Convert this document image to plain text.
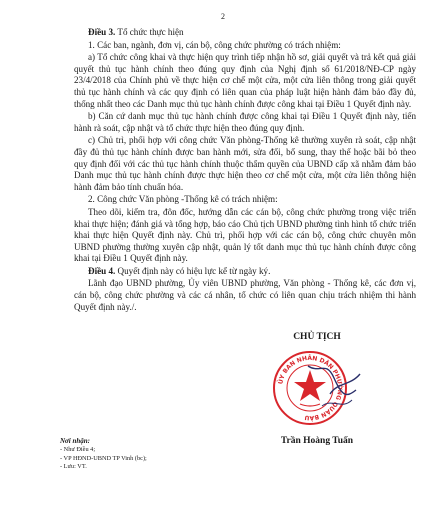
2

Điều 3. Tổ chức thực hiện

1. Các ban, ngành, đơn vị, cán bộ, công chức phường có trách nhiệm:

a) Tổ chức công khai và thực hiện quy trình tiếp nhận hồ sơ, giải quyết và trả kết quả giải quyết thủ tục hành chính theo đúng quy định của Nghị định số 61/2018/NĐ-CP ngày 23/4/2018 của Chính phủ về thực hiện cơ chế một cửa, một cửa liên thông trong giải quyết thủ tục hành chính và các quy định có liên quan của pháp luật hiện hành đảm bảo đầy đủ, thống nhất theo các Danh mục thủ tục hành chính được công khai tại Điều 1 Quyết định này.

b) Căn cứ danh mục thủ tục hành chính được công khai tại Điều 1 Quyết định này, tiến hành rà soát, cập nhật và tổ chức thực hiện theo đúng quy định.

c) Chủ trì, phối hợp với công chức Văn phòng-Thống kê thường xuyên rà soát, cập nhật đầy đủ thủ tục hành chính được ban hành mới, sửa đổi, bổ sung, thay thế hoặc bãi bỏ theo quy định đối với các thủ tục hành chính thuộc thẩm quyền của UBND cấp xã nhằm đảm bảo Danh mục thủ tục hành chính được thực hiện theo cơ chế một cửa, một cửa liên thông hiện hành đảm bảo tính chuẩn hóa.

2. Công chức Văn phòng -Thống kê có trách nhiệm:

Theo dõi, kiểm tra, đôn đốc, hướng dẫn các cán bộ, công chức phường trong việc triển khai thực hiện; đánh giá và tổng hợp, báo cáo Chủ tịch UBND phường tình hình tổ chức triển khai thực hiện Quyết định này. Chủ trì, phối hợp với các cán bộ, công chức chuyên môn UBND phường thường xuyên cập nhật, quản lý tốt danh mục thủ tục hành chính được công khai tại Điều 1 Quyết định này.

Điều 4. Quyết định này có hiệu lực kể từ ngày ký.

Lãnh đạo UBND phường, Ủy viên UBND phường, Văn phòng - Thống kê, các đơn vị, cán bộ, công chức phường và các cá nhân, tổ chức có liên quan chịu trách nhiệm thi hành Quyết định này./.

Nơi nhận:
- Như Điều 4;
- VP HĐND-UBND TP Vinh (bc);
- Lưu: VT.
CHỦ TỊCH
ỦY BAN NHÂN DÂN PHƯỜNG QUÁN BÀU
Trần Hoàng Tuấn
